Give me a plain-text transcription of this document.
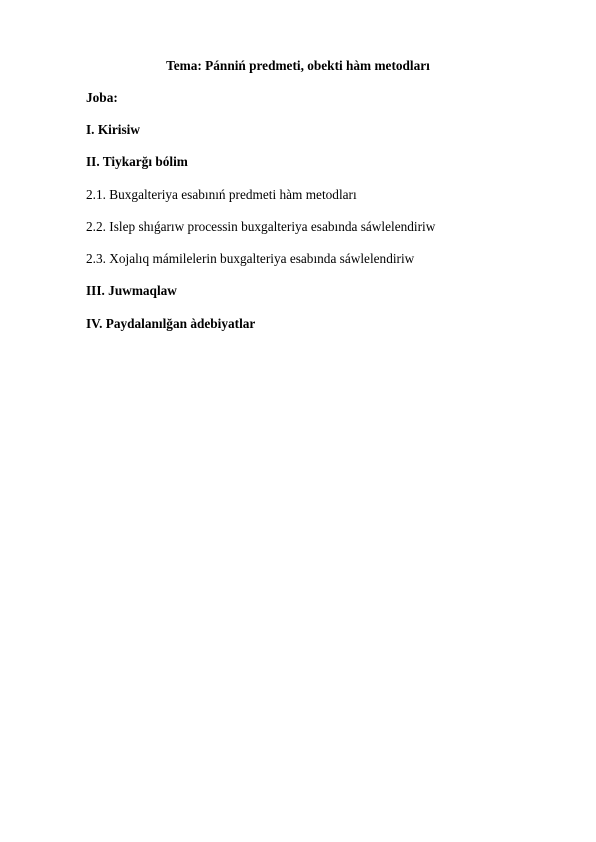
Tema: Pánniń predmeti, obekti hàm metodları
Joba:
I. Kirisiw
II. Tiykarğı bólim
2.1. Buxgalteriya esabınıń predmeti hàm metodları
2.2. Islep shıǵarıw processin buxgalteriya esabında sáwlelendiriw
2.3. Xojalıq mámilelerin buxgalteriya esabında sáwlelendiriw
III. Juwmaqlaw
IV. Paydalanılğan àdebiyatlar
